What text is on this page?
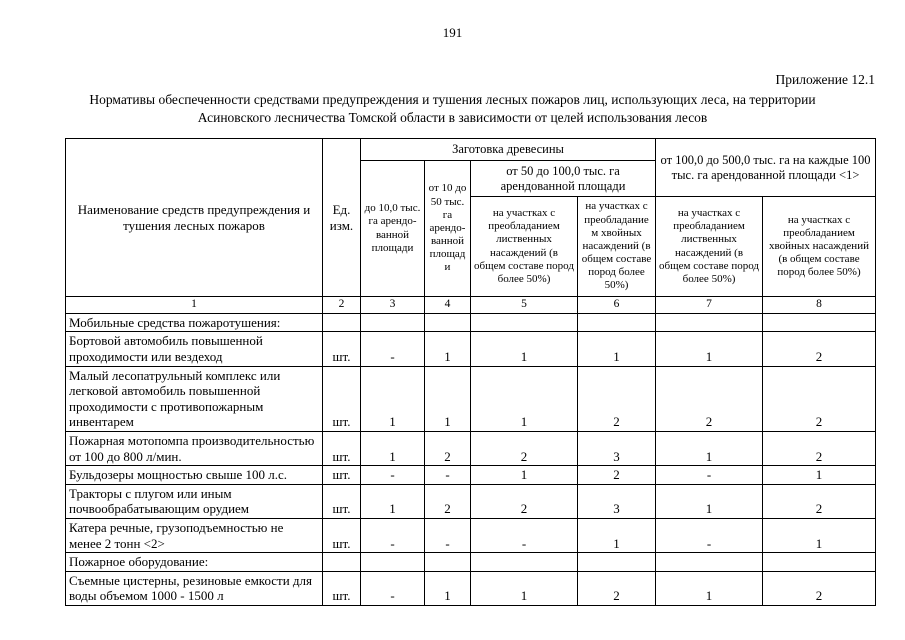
191
Приложение 12.1
Нормативы обеспеченности средствами предупреждения и тушения лесных пожаров лиц, использующих леса, на территории
Асиновского лесничества Томской области в зависимости от целей использования лесов
Наименование средств предупреждения и тушения лесных пожаров	Ед. изм.	Заготовка древесины				от 100,0 до 500,0 тыс. га на каждые 100 тыс. га арендованной площади <1>	
		до 10,0 тыс. га арендо-ванной площади	от 10 до 50 тыс. га арендо-ванной площади	от 50 до 100,0 тыс. га арендованной площади			
				на участках с преобладанием лиственных насаждений (в общем составе пород более 50%)	на участках с преобладанием хвойных насаждений (в общем составе пород более 50%)	на участках с преобладанием лиственных насаждений (в общем составе пород более 50%)	на участках с преобладанием хвойных насаждений (в общем составе пород более 50%)
1	2	3	4	5	6	7	8
Мобильные средства пожаротушения:							
Бортовой автомобиль повышенной проходимости или вездеход	шт.	-	1	1	1	1	2
Малый лесопатрульный комплекс или легковой автомобиль повышенной проходимости с противопожарным инвентарем	шт.	1	1	1	2	2	2
Пожарная мотопомпа производительностью от 100 до 800 л/мин.	шт.	1	2	2	3	1	2
Бульдозеры мощностью свыше 100 л.с.	шт.	-	-	1	2	-	1
Тракторы с плугом или иным почвообрабатывающим орудием	шт.	1	2	2	3	1	2
Катера речные, грузоподъемностью не менее 2 тонн <2>	шт.	-	-	-	1	-	1
Пожарное оборудование:							
Съемные цистерны, резиновые емкости для воды объемом 1000 - 1500 л	шт.	-	1	1	2	1	2
